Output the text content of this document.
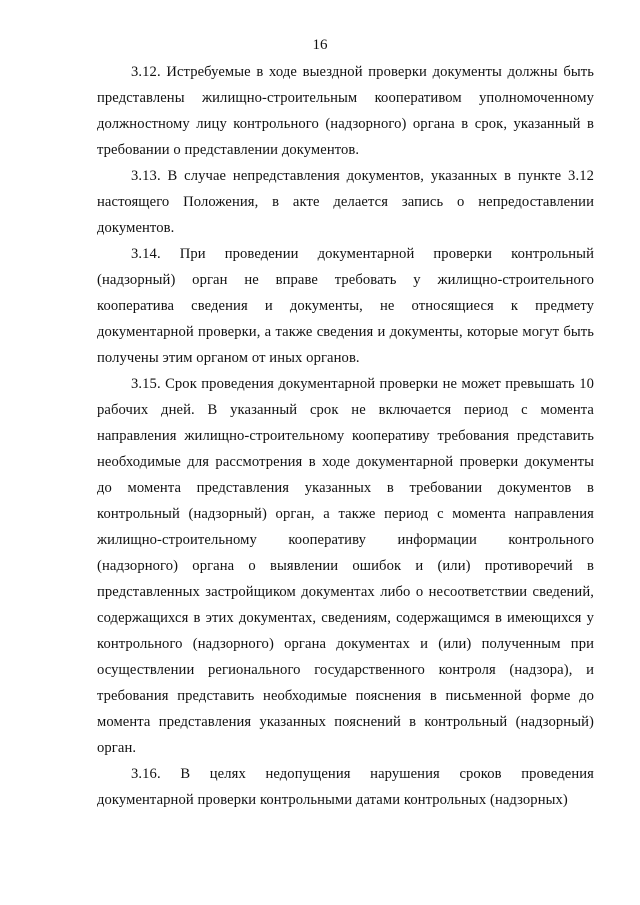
16

3.12. Истребуемые в ходе выездной проверки документы должны быть представлены жилищно-строительным кооперативом уполномоченному должностному лицу контрольного (надзорного) органа в срок, указанный в требовании о представлении документов.

3.13. В случае непредставления документов, указанных в пункте 3.12 настоящего Положения, в акте делается запись о непредоставлении документов.

3.14. При проведении документарной проверки контрольный (надзорный) орган не вправе требовать у жилищно-строительного кооператива сведения и документы, не относящиеся к предмету документарной проверки, а также сведения и документы, которые могут быть получены этим органом от иных органов.

3.15. Срок проведения документарной проверки не может превышать 10 рабочих дней. В указанный срок не включается период с момента направления жилищно-строительному кооперативу требования представить необходимые для рассмотрения в ходе документарной проверки документы до момента представления указанных в требовании документов в контрольный (надзорный) орган, а также период с момента направления жилищно-строительному кооперативу информации контрольного (надзорного) органа о выявлении ошибок и (или) противоречий в представленных застройщиком документах либо о несоответствии сведений, содержащихся в этих документах, сведениям, содержащимся в имеющихся у контрольного (надзорного) органа документах и (или) полученным при осуществлении регионального государственного контроля (надзора), и требования представить необходимые пояснения в письменной форме до момента представления указанных пояснений в контрольный (надзорный) орган.

3.16. В целях недопущения нарушения сроков проведения документарной проверки контрольными датами контрольных (надзорных)
